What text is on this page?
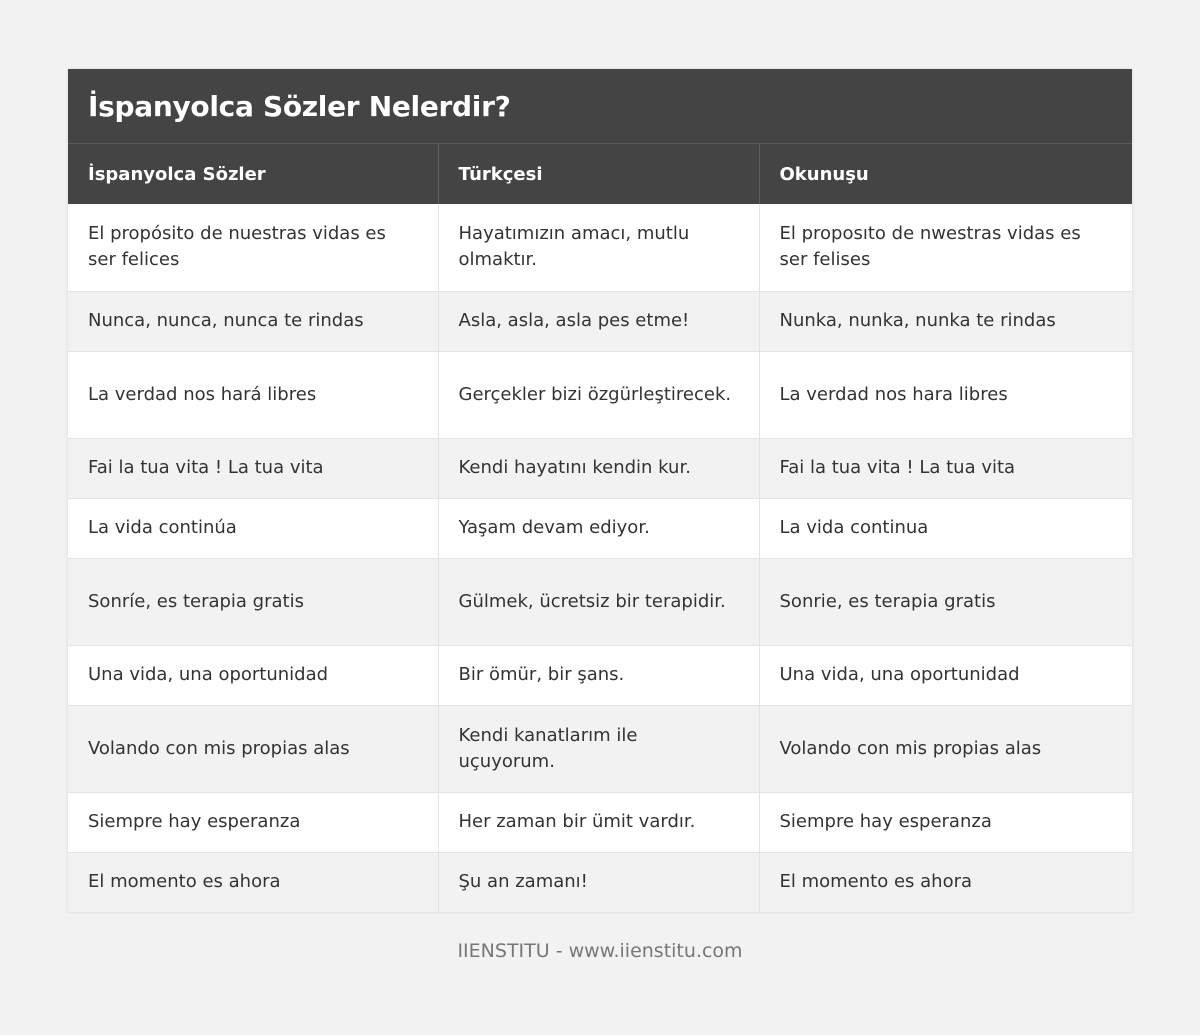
İspanyolca Sözler Nelerdir?
İspanyolca Sözler	Türkçesi	Okunuşu
El propósito de nuestras vidas es ser felices	Hayatımızın amacı, mutlu olmaktır.	El proposıto de nwestras vidas es ser felises
Nunca, nunca, nunca te rindas	Asla, asla, asla pes etme!	Nunka, nunka, nunka te rindas
La verdad nos hará libres	Gerçekler bizi özgürleştirecek.	La verdad nos hara libres
Fai la tua vita ! La tua vita	Kendi hayatını kendin kur.	Fai la tua vita ! La tua vita
La vida continúa	Yaşam devam ediyor.	La vida continua
Sonríe, es terapia gratis	Gülmek, ücretsiz bir terapidir.	Sonrie, es terapia gratis
Una vida, una oportunidad	Bir ömür, bir şans.	Una vida, una oportunidad
Volando con mis propias alas	Kendi kanatlarım ile uçuyorum.	Volando con mis propias alas
Siempre hay esperanza	Her zaman bir ümit vardır.	Siempre hay esperanza
El momento es ahora	Şu an zamanı!	El momento es ahora
IIENSTITU - www.iienstitu.com
